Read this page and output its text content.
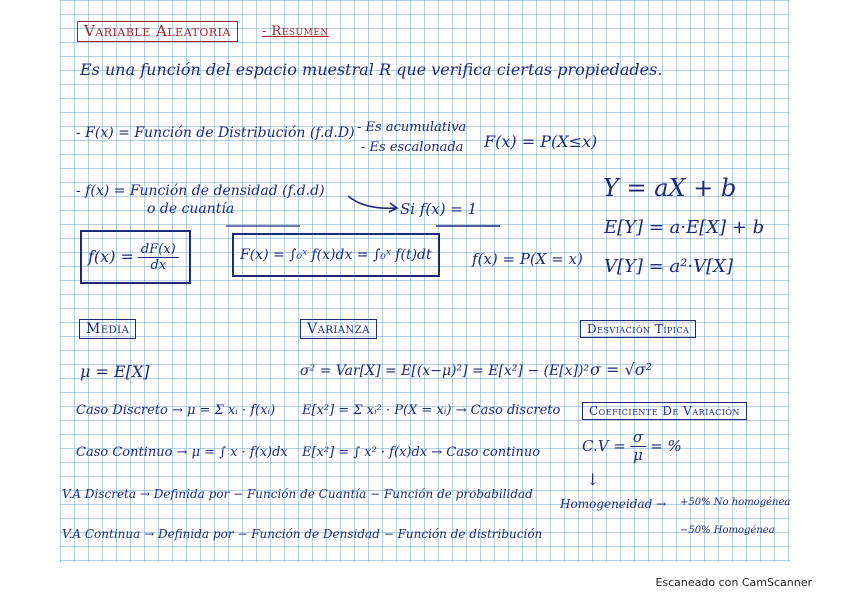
Variable Aleatoria	- Resumen
Es una función del espacio muestral R que verifica ciertas propiedades.
- F(x) = Función de Distribución (f.d.D) - Es acumulativa
- Es escalonada F(x) = P(X≤x)
- f(x) = Función de densidad (f.d.d)
o de cuantía	Si f(x) = 1
Y = aX + b
E[Y] = a·E[X] + b
V[Y] = a²·V[X]
$f(x) = \frac{dF(x)}{dx}$	F(x) = ∫₀ˣ f(x)dx = ∫₀ˣ f(t)dt	f(x) = P(X = x)
Media	Varianza	Desviación Típica
μ = E[X]
Caso Discreto → μ = Σ xᵢ · f(xᵢ)
Caso Continuo → μ = ∫ x · f(x)dx
σ² = Var[X] = E[(x−μ)²] = E[x²] − (E[x])²
E[x²] = Σ xᵢ² · P(X = xᵢ) → Caso discreto
E[x²] = ∫ x² · f(x)dx → Caso continuo
σ = √σ²
Coeficiente De Variación
$C.V = \frac{\sigma}{\mu}$ = %
↓
Homogeneidad → +50% No homogénea
−50% Homogénea
V.A Discreta → Definida por − Función de Cuantía − Función de probabilidad
V.A Continua → Definida por − Función de Densidad − Función de distribución
Escaneado con CamScanner
